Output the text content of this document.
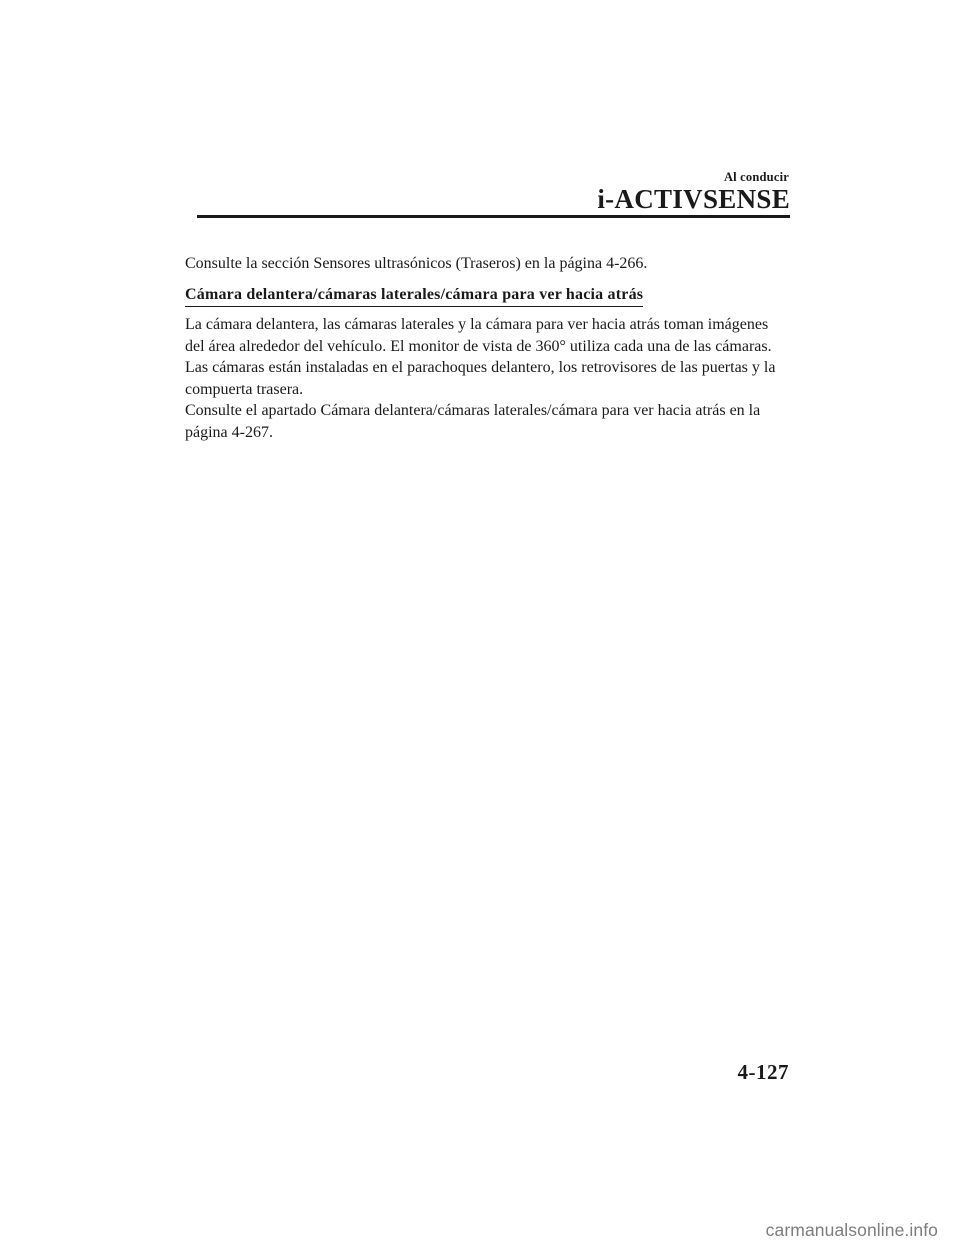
Al conducir
i-ACTIVSENSE

Consulte la sección Sensores ultrasónicos (Traseros) en la página 4-266.

Cámara delantera/cámaras laterales/cámara para ver hacia atrás

La cámara delantera, las cámaras laterales y la cámara para ver hacia atrás toman imágenes
del área alrededor del vehículo. El monitor de vista de 360° utiliza cada una de las cámaras.
Las cámaras están instaladas en el parachoques delantero, los retrovisores de las puertas y la
compuerta trasera.
Consulte el apartado Cámara delantera/cámaras laterales/cámara para ver hacia atrás en la
página 4-267.

4-127
carmanualsonline.info
